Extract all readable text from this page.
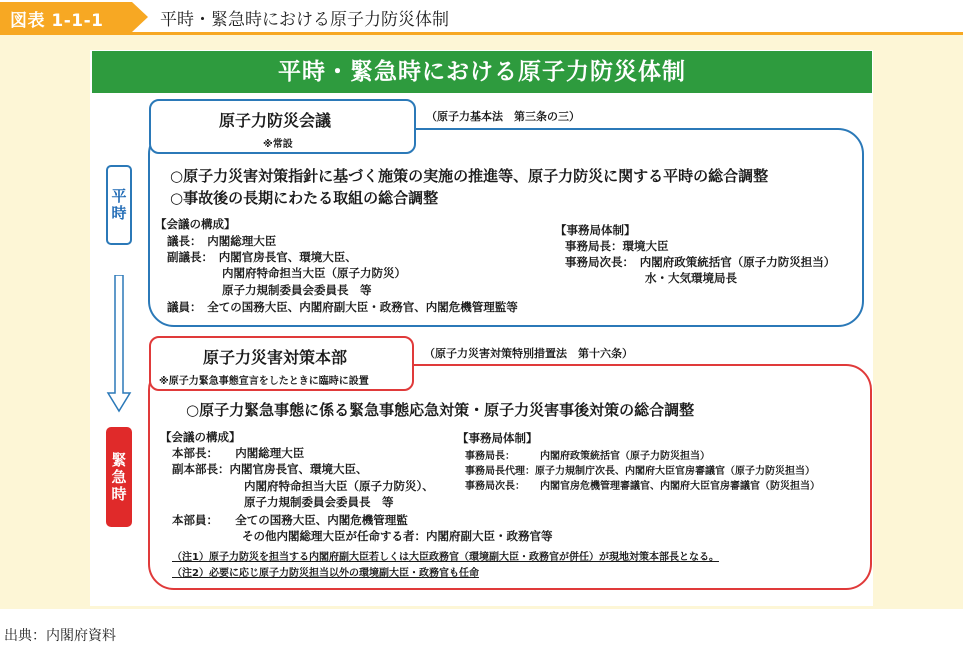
図表 1-1-1	平時・緊急時における原子力防災体制
平時・緊急時における原子力防災体制
原子力防災会議
※常設
（原子力基本法　第三条の三）
○原子力災害対策指針に基づく施策の実施の推進等、原子力防災に関する平時の総合調整
○事故後の長期にわたる取組の総合調整
【会議の構成】
議長：　内閣総理大臣
副議長：　内閣官房長官、環境大臣、
内閣府特命担当大臣（原子力防災）
原子力規制委員会委員長　等
議員：　全ての国務大臣、内閣府副大臣・政務官、内閣危機管理監等
【事務局体制】
事務局長：環境大臣
事務局次長：　内閣府政策統括官（原子力防災担当）
水・大気環境局長
平時
緊急時
原子力災害対策本部
※原子力緊急事態宣言をしたときに臨時に設置
（原子力災害対策特別措置法　第十六条）
○原子力緊急事態に係る緊急事態応急対策・原子力災害事後対策の総合調整
【会議の構成】
本部長：　　内閣総理大臣
副本部長：内閣官房長官、環境大臣、
内閣府特命担当大臣（原子力防災）、
原子力規制委員会委員長　等
本部員：　　全ての国務大臣、内閣危機管理監
その他内閣総理大臣が任命する者：内閣府副大臣・政務官等
【事務局体制】
事務局長：　　　内閣府政策統括官（原子力防災担当）
事務局長代理：原子力規制庁次長、内閣府大臣官房審議官（原子力防災担当）
事務局次長：　　内閣官房危機管理審議官、内閣府大臣官房審議官（防災担当）
（注1）原子力防災を担当する内閣府副大臣若しくは大臣政務官（環境副大臣・政務官が併任）が現地対策本部長となる。
（注2）必要に応じ原子力防災担当以外の環境副大臣・政務官も任命
出典：内閣府資料
